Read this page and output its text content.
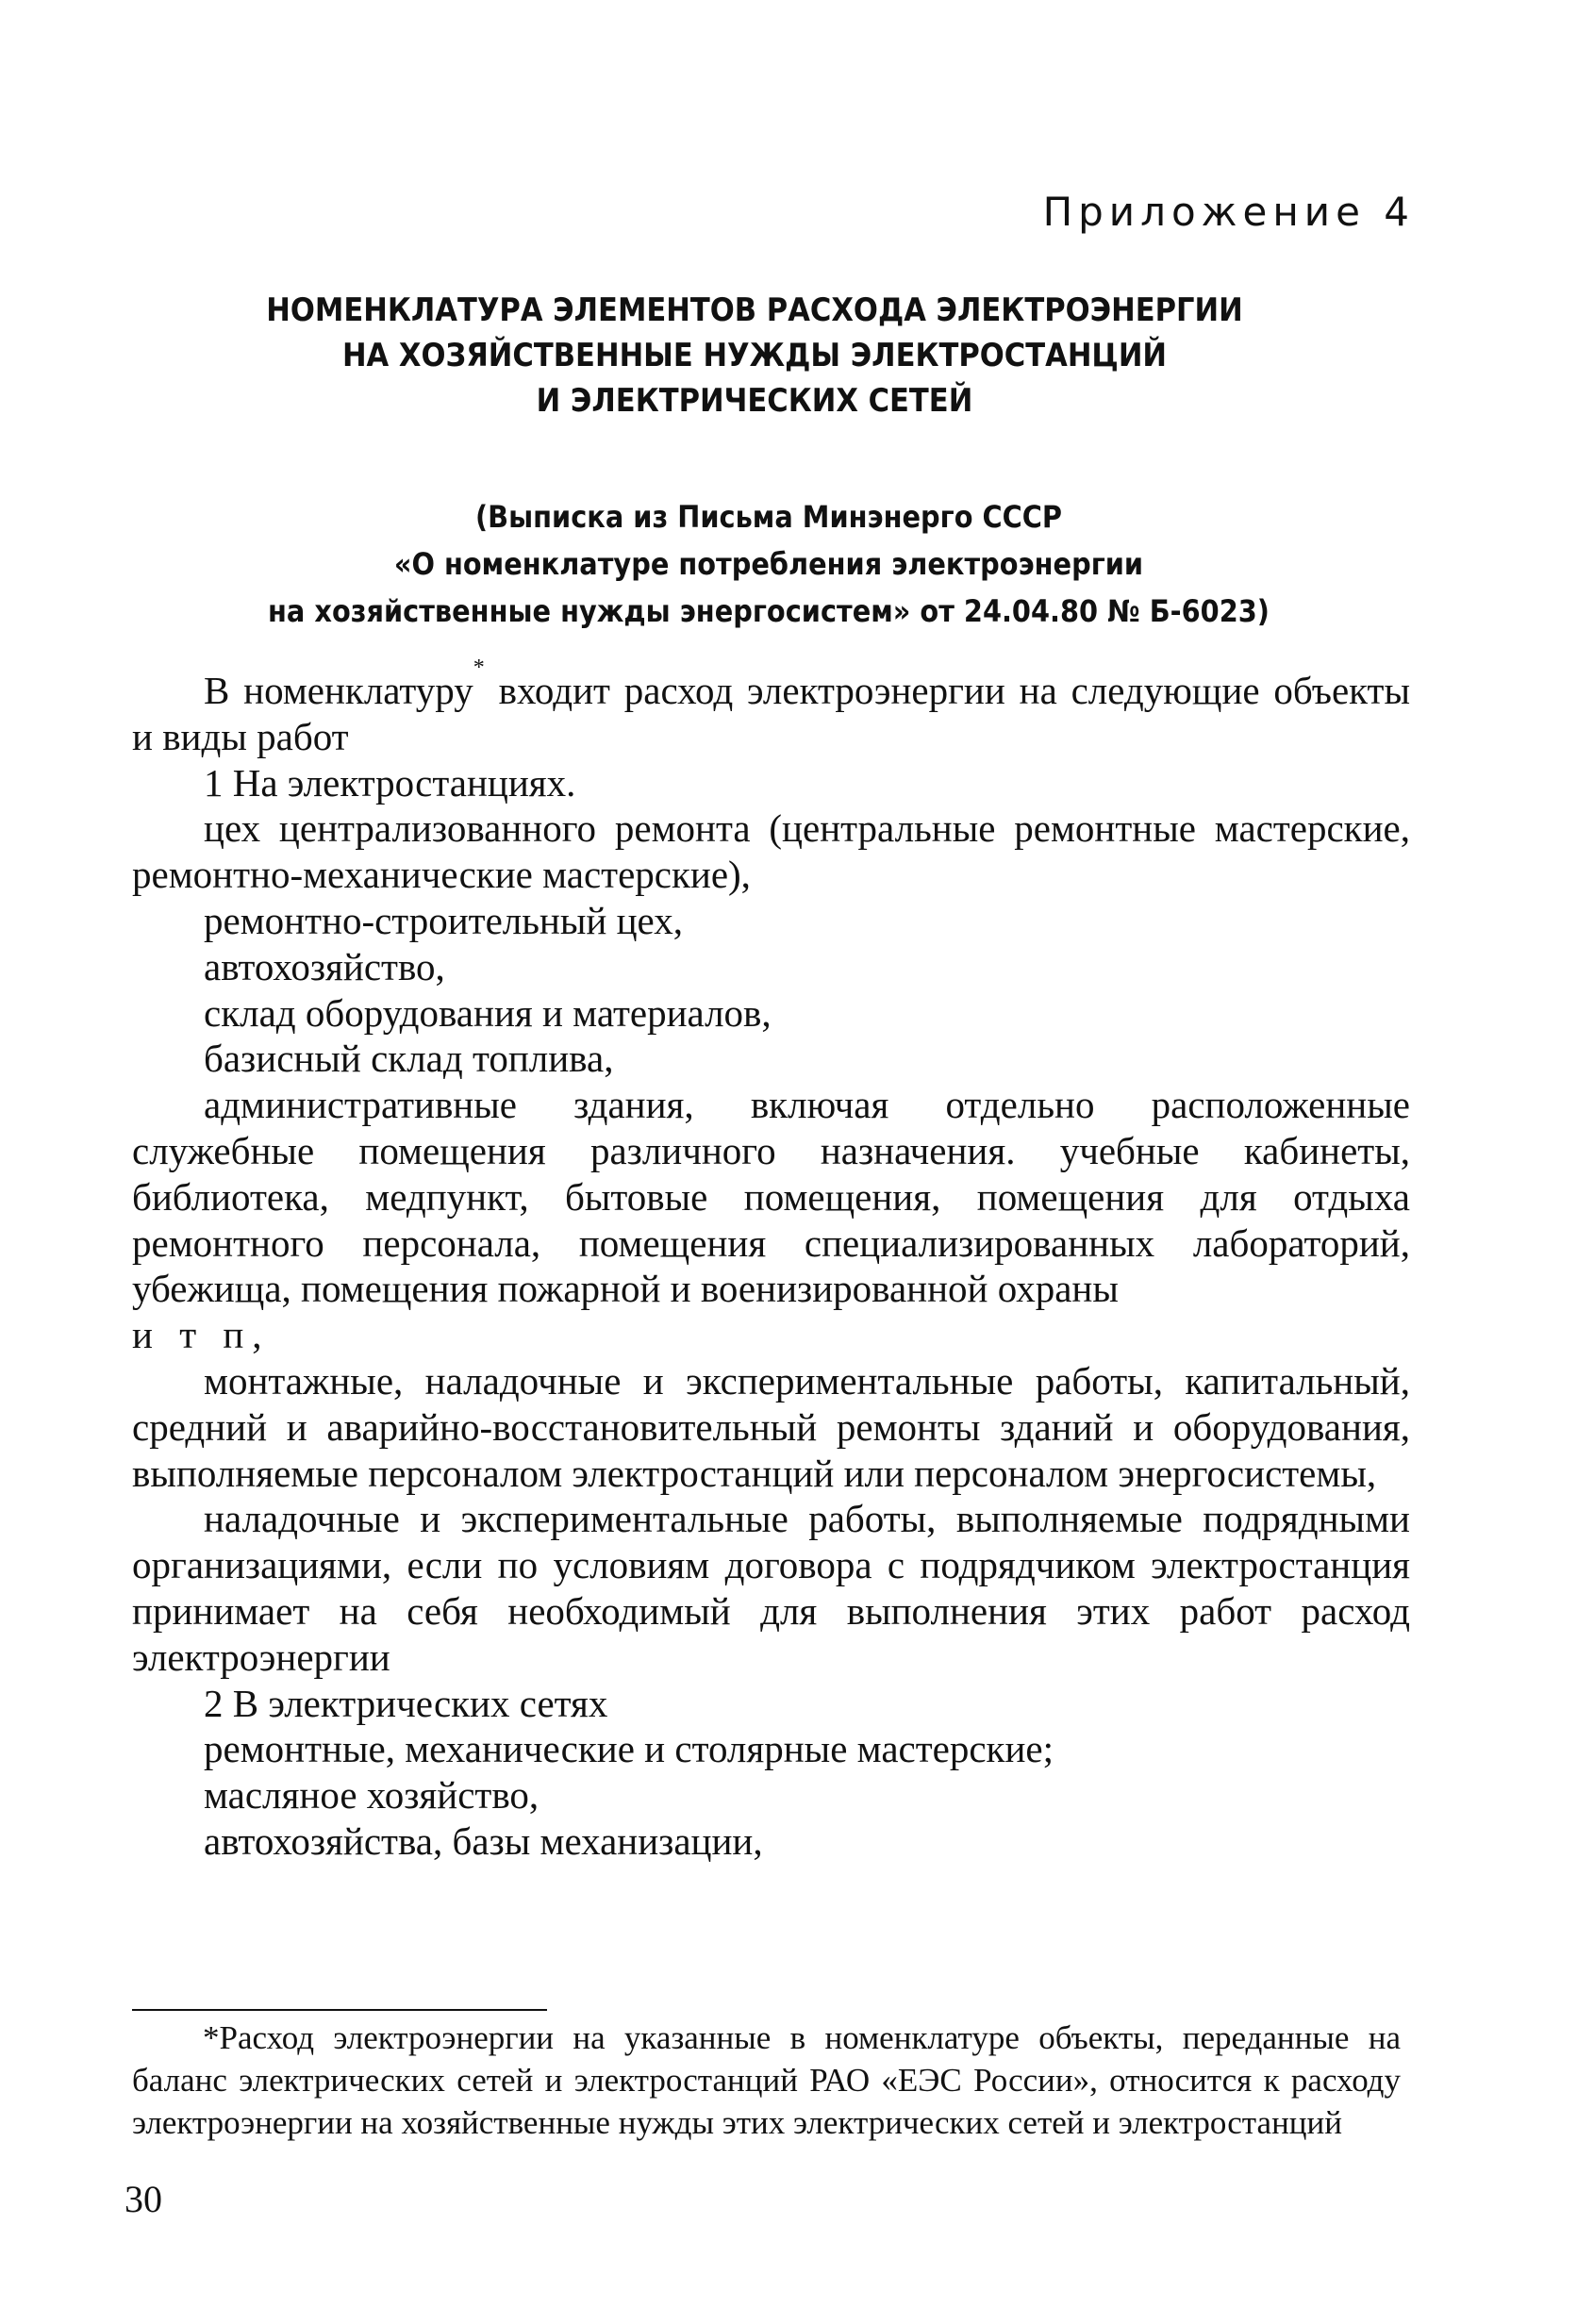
Приложение 4
НОМЕНКЛАТУРА ЭЛЕМЕНТОВ РАСХОДА ЭЛЕКТРОЭНЕРГИИ
НА ХОЗЯЙСТВЕННЫЕ НУЖДЫ ЭЛЕКТРОСТАНЦИЙ
И ЭЛЕКТРИЧЕСКИХ СЕТЕЙ
(Выписка из Письма Минэнерго СССР
«О номенклатуре потребления электроэнергии
на хозяйственные нужды энергосистем» от 24.04.80 № Б-6023)

В номенклатуру* входит расход электроэнергии на следующие объекты и виды работ

1 На электростанциях.

цех централизованного ремонта (центральные ремонтные мастерские, ремонтно-механические мастерские),

ремонтно-строительный цех,

автохозяйство,

склад оборудования и материалов,

базисный склад топлива,

административные здания, включая отдельно расположенные служебные помещения различного назначения. учебные кабинеты, библиотека, медпункт, бытовые помещения, помещения для отдыха ремонтного персонала, помещения специализированных лабораторий, убежища, помещения пожарной и военизированной охраны

и т п,

монтажные, наладочные и экспериментальные работы, капитальный, средний и аварийно-восстановительный ремонты зданий и оборудования, выполняемые персоналом электростанций или персоналом энергосистемы,

наладочные и экспериментальные работы, выполняемые подрядными организациями, если по условиям договора с подрядчиком электростанция принимает на себя необходимый для выполнения этих работ расход электроэнергии

2 В электрических сетях

ремонтные, механические и столярные мастерские;

масляное хозяйство,

автохозяйства, базы механизации,

*Расход электроэнергии на указанные в номенклатуре объекты, переданные на баланс электрических сетей и электростанций РАО «ЕЭС России», относится к расходу электроэнергии на хозяйственные нужды этих электрических сетей и электростанций

30
